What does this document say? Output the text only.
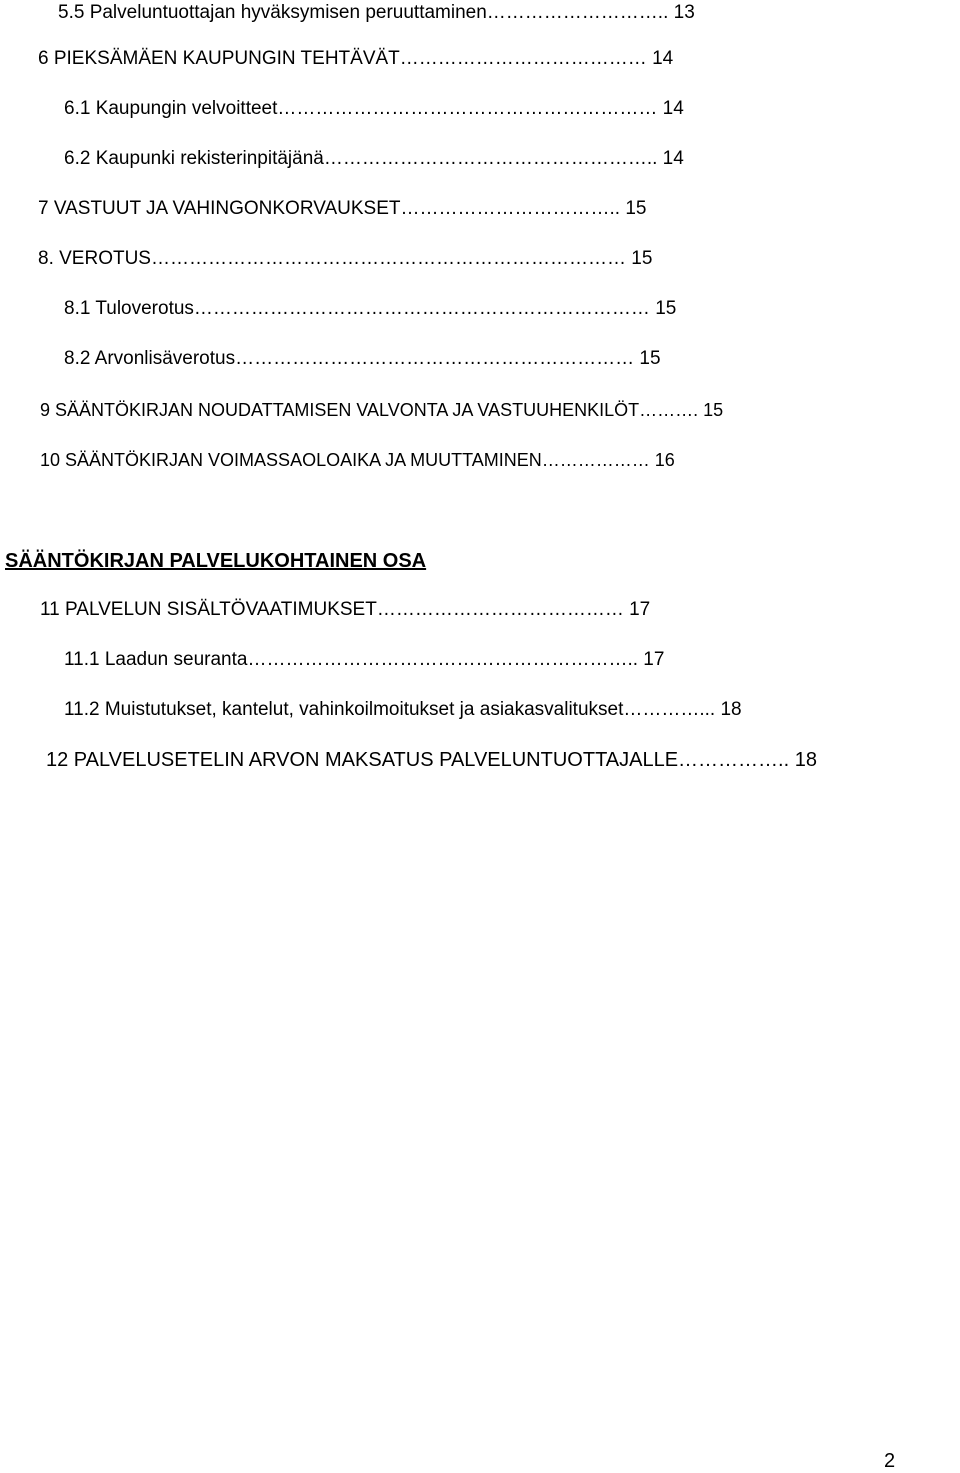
5.5 Palveluntuottajan hyväksymisen peruuttaminen……………………….. 13
6 PIEKSÄMÄEN KAUPUNGIN TEHTÄVÄT………………………………… 14
6.1 Kaupungin velvoitteet…………………………………………………… 14
6.2 Kaupunki rekisterinpitäjänä…………………………………………….. 14
7 VASTUUT JA VAHINGONKORVAUKSET…………………………….. 15
8. VEROTUS………………………………………………………………… 15
8.1 Tuloverotus……………………………………………………………… 15
8.2 Arvonlisäverotus……………………………………………………… 15
9 SÄÄNTÖKIRJAN NOUDATTAMISEN VALVONTA JA VASTUUHENKILÖT………. 15
10 SÄÄNTÖKIRJAN VOIMASSAOLOAIKA JA MUUTTAMINEN……………… 16
SÄÄNTÖKIRJAN PALVELUKOHTAINEN OSA
11 PALVELUN SISÄLTÖVAATIMUKSET………………………………… 17
11.1 Laadun seuranta…………………………………………………….. 17
11.2 Muistutukset, kantelut, vahinkoilmoitukset ja asiakasvalitukset…………... 18
12 PALVELUSETELIN ARVON MAKSATUS PALVELUNTUOTTAJALLE…………….. 18
2
